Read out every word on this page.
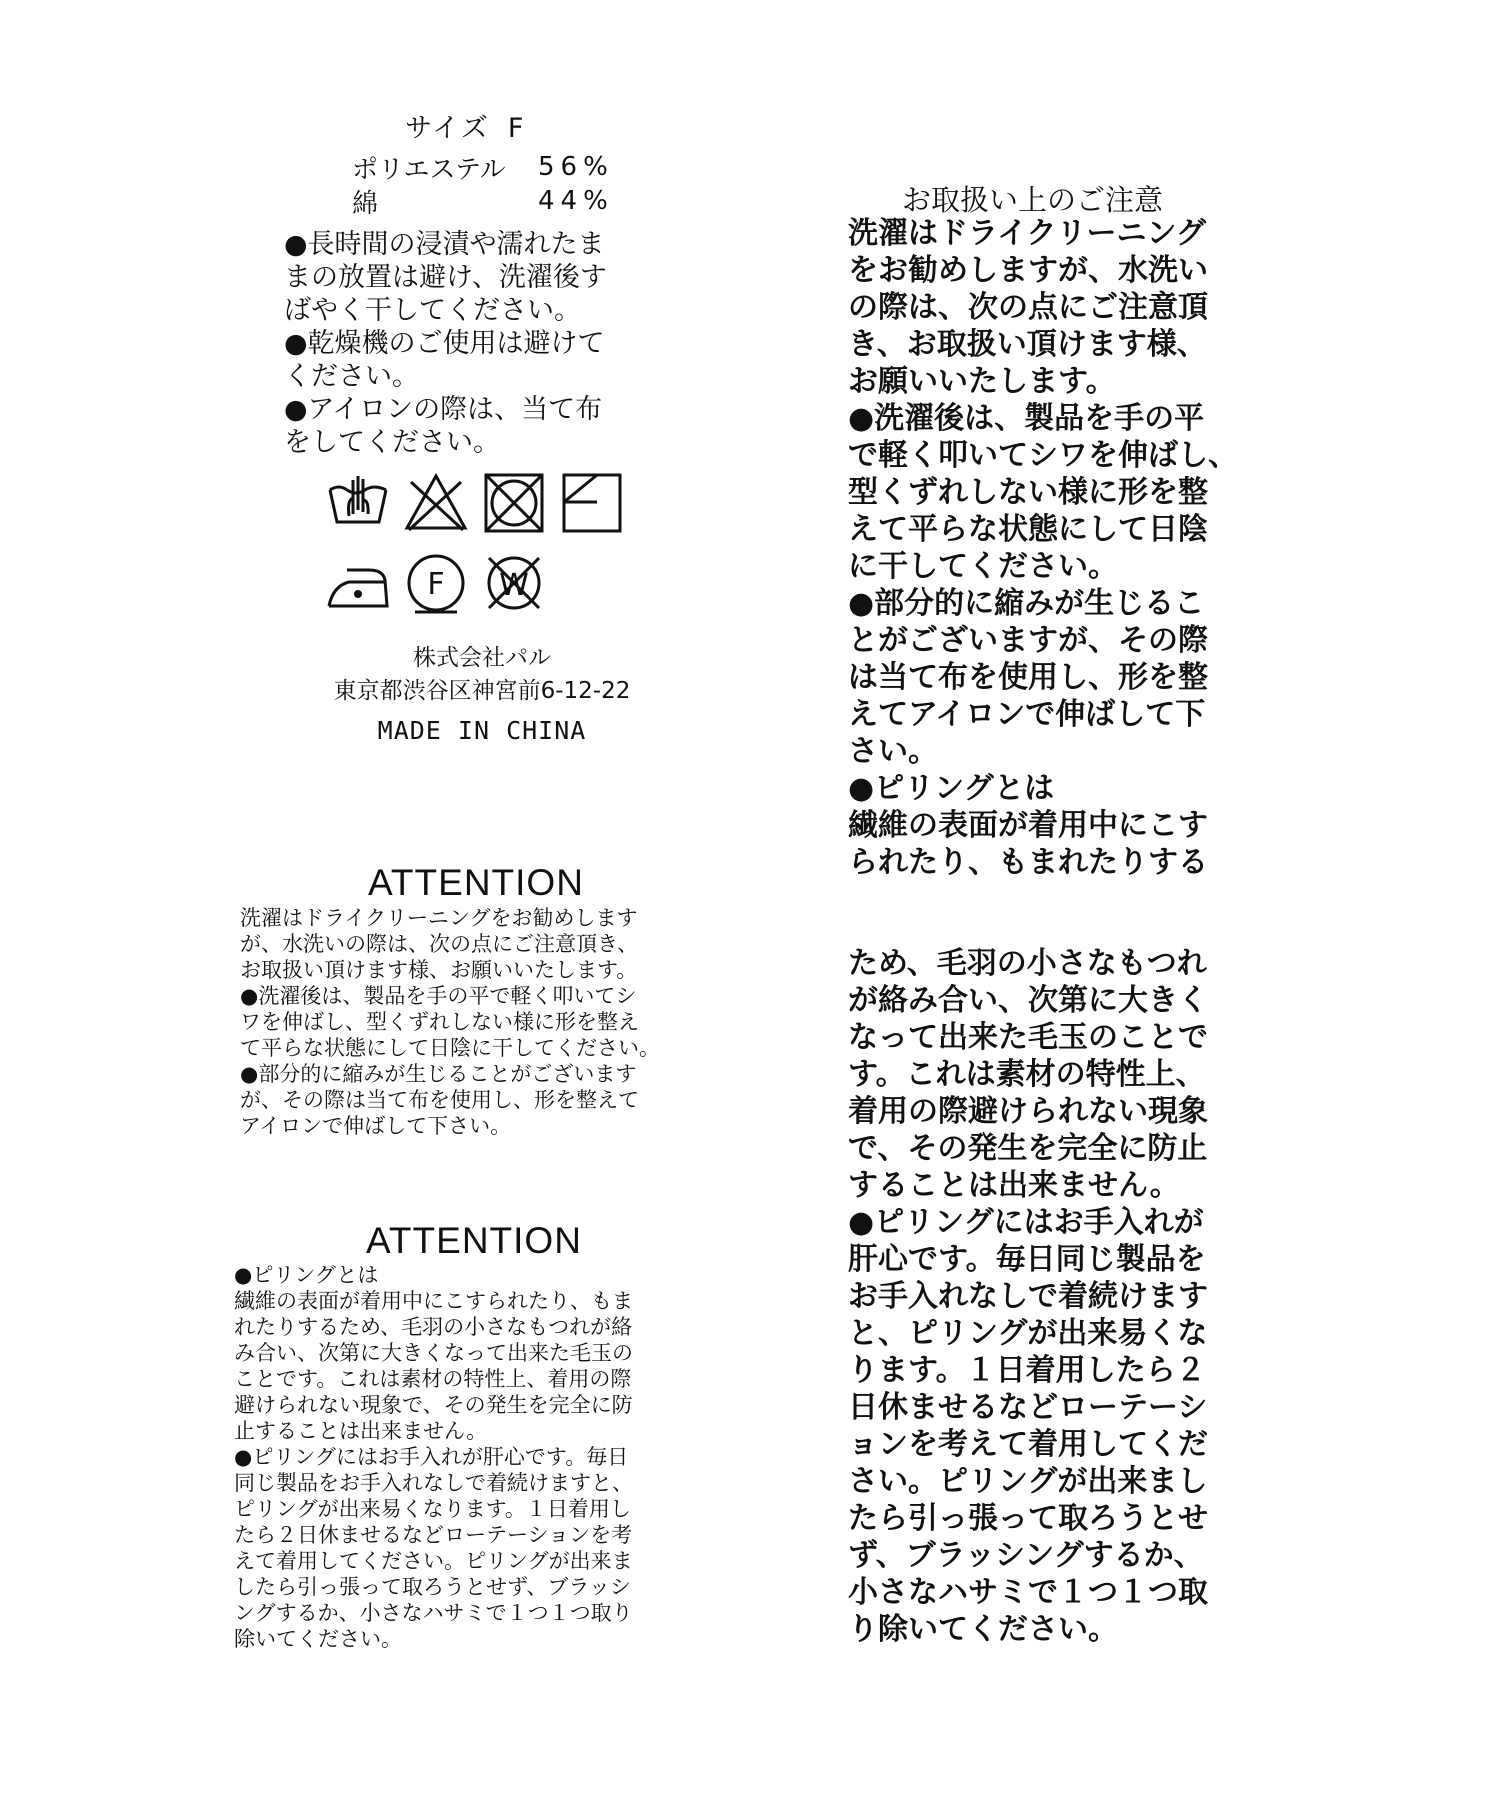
サイズ F
ポリエステル	56%
綿	44%
●長時間の浸漬や濡れたま
まの放置は避け、洗濯後す
ばやく干してください。
●乾燥機のご使用は避けて
ください。
●アイロンの際は、当て布
をしてください。
F W
株式会社パル
東京都渋谷区神宮前6-12-22
MADE IN CHINA
ATTENTION
洗濯はドライクリーニングをお勧めします
が、水洗いの際は、次の点にご注意頂き、
お取扱い頂けます様、お願いいたします。
●洗濯後は、製品を手の平で軽く叩いてシ
ワを伸ばし、型くずれしない様に形を整え
て平らな状態にして日陰に干してください。
●部分的に縮みが生じることがございます
が、その際は当て布を使用し、形を整えて
アイロンで伸ばして下さい。
ATTENTION
●ピリングとは
繊維の表面が着用中にこすられたり、もま
れたりするため、毛羽の小さなもつれが絡
み合い、次第に大きくなって出来た毛玉の
ことです。これは素材の特性上、着用の際
避けられない現象で、その発生を完全に防
止することは出来ません。
●ピリングにはお手入れが肝心です。毎日
同じ製品をお手入れなしで着続けますと、
ピリングが出来易くなります。１日着用し
たら２日休ませるなどローテーションを考
えて着用してください。ピリングが出来ま
したら引っ張って取ろうとせず、ブラッシ
ングするか、小さなハサミで１つ１つ取り
除いてください。
お取扱い上のご注意
洗濯はドライクリーニング
をお勧めしますが、水洗い
の際は、次の点にご注意頂
き、お取扱い頂けます様、
お願いいたします。
●洗濯後は、製品を手の平
で軽く叩いてシワを伸ばし、
型くずれしない様に形を整
えて平らな状態にして日陰
に干してください。
●部分的に縮みが生じるこ
とがございますが、その際
は当て布を使用し、形を整
えてアイロンで伸ばして下
さい。
●ピリングとは
繊維の表面が着用中にこす
られたり、もまれたりする
ため、毛羽の小さなもつれ
が絡み合い、次第に大きく
なって出来た毛玉のことで
す。これは素材の特性上、
着用の際避けられない現象
で、その発生を完全に防止
することは出来ません。
●ピリングにはお手入れが
肝心です。毎日同じ製品を
お手入れなしで着続けます
と、ピリングが出来易くな
ります。１日着用したら２
日休ませるなどローテーシ
ョンを考えて着用してくだ
さい。ピリングが出来まし
たら引っ張って取ろうとせ
ず、ブラッシングするか、
小さなハサミで１つ１つ取
り除いてください。
